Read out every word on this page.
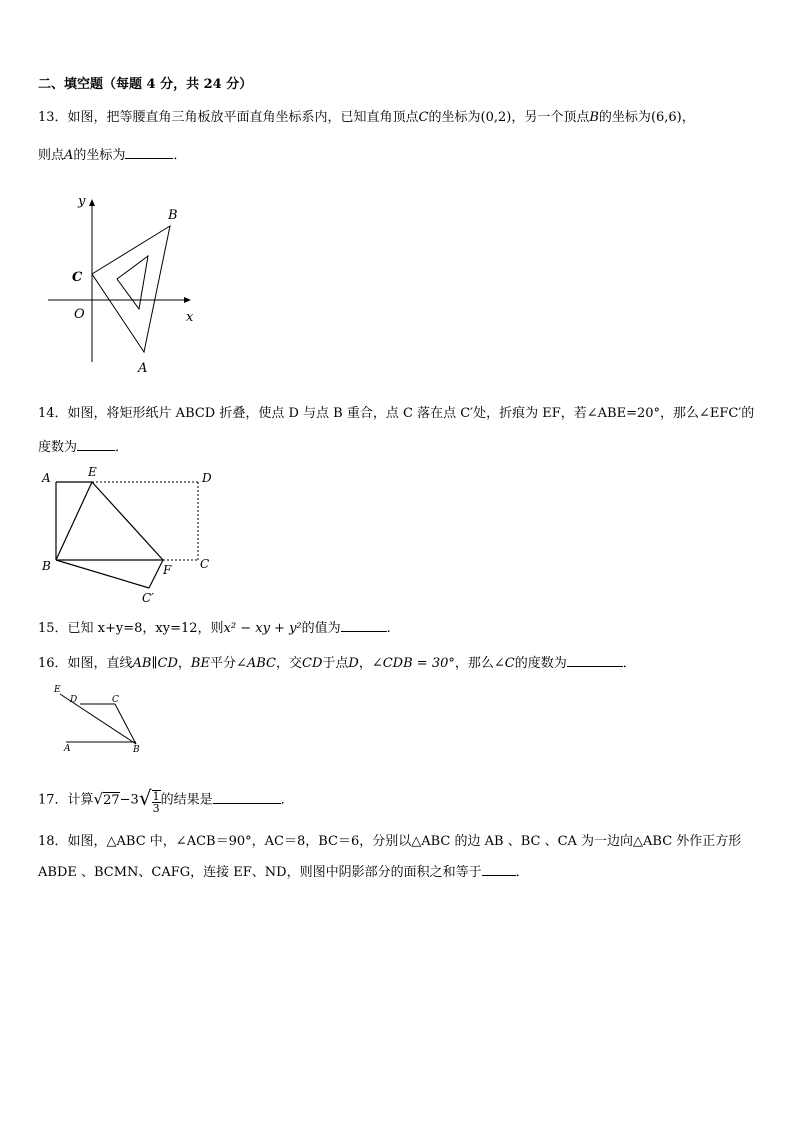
二、填空题（每题 4 分，共 24 分）
13．如图，把等腰直角三角板放平面直角坐标系内，已知直角顶点C的坐标为(0,2)，另一个顶点B的坐标为(6,6)，
则点A的坐标为	．
y
x
O
C
B
A
14．如图，将矩形纸片 ABCD 折叠，使点 D 与点 B 重合，点 C 落在点 C′处，折痕为 EF，若∠ABE=20°，那么∠EFC′的
度数为	．
A	E	D
B	F C
C′
15．已知 x+y=8，xy=12，则x² − xy + y²的值为	.
16．如图，直线AB∥CD，BE平分∠ABC，交CD于点D，∠CDB = 30°，那么∠C的度数为	．
E
D	C
A	B
17．计算$√27-3√ \frac{1}{3}$ 的结果是	．
18．如图，△ABC 中，∠ACB＝90°，AC＝8，BC＝6，分别以△ABC 的边 AB 、BC 、CA 为一边向△ABC 外作正方形
ABDE 、BCMN、CAFG，连接 EF、ND，则图中阴影部分的面积之和等于	．
